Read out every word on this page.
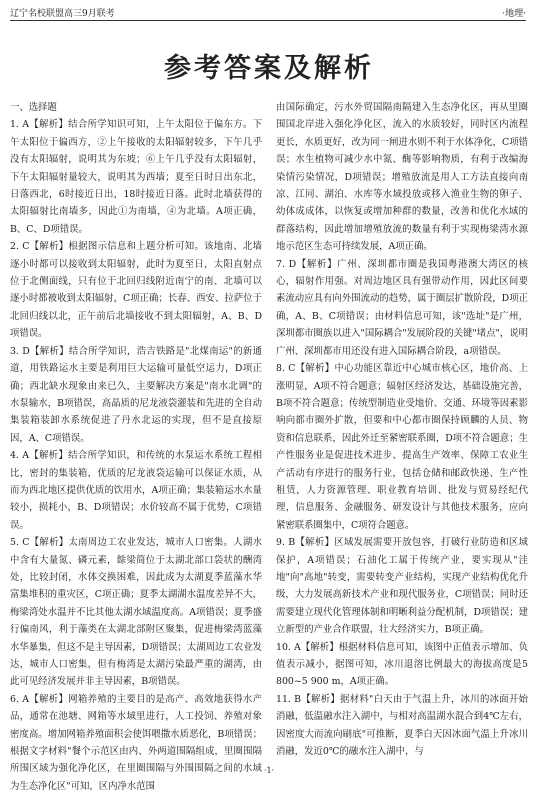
辽宁名校联盟高三9月联考	·地理·
参考答案及解析

一、选择题

1. A【解析】结合所学知识可知，上午太阳位于偏东方。下午太阳位于偏西方，②上午接收的太阳辐射较多，下午几乎没有太阳辐射，说明其为东坡；⑥上午几乎没有太阳辐射，下午太阳辐射量较大，说明其为西墙；夏至日时日出东北，日落西北，6时接近日出，18时接近日落。此时北墙获得的太阳辐射比南墙多，因此①为南墙，④为北墙。A项正确，B、C、D项错误。

2. C【解析】根据图示信息和上题分析可知。该地南、北墙逐小时都可以接收到太阳辐射，此时为夏至日，太阳直射点位于北侧面线，只有位于北回归线附近南宁的南、北墙可以逐小时都被收到太阳辐射，C项正确；长春、西安、拉萨位于北回归线以北，正午前后北墙接收不到太阳辐射，A、B、D项错误。

3. D【解析】结合所学知识，浩吉铁路是"北煤南运"的新通道，用铁路运水主要是利用巨大运输可量低空运力，D项正确；西北缺水现象由来已久，主要解决方案是"南水北调"的水泵输水，B项错误，高晶质的尼龙液袋灌装和先进的全自动集装箱装卸水系统促进了丹水北运的实现，但不是直接原因，A、C项错误。

4. A【解析】结合所学知识，和传统的水泵运水系统工程相比，密封的集装箱，优质的尼龙液袋运输可以保证水质，从而为西北地区提供优质的饮用水，A项正确；集装箱运水水量较小，损耗小，B、D项错误；水价较高不属于优势，C项错误。

5. C【解析】太南周边工农业发达，城市人口密集。人湖水中含有大量氮、磷元素，餘梁简位于太湖北部口袋状的酬湾处，比较封闭，水体交换困难，因此成为太湖夏季蓝藻水华富集堆积的重灾区，C项正确；夏季太湖湖水温度差异不大，梅梁湾处水温并不比其他太湖水域温度高。A项错误；夏季盛行偏南风，利于藻类在太湖北部附区聚集，促进梅梁湾蓝藻水华暴集，但这不是主导因素，D项错误；太湖周边工农业发达，城市人口密集，但有梅湾是太湖污染最严重的湖湾，由此可见经济发展并非主导因素，B项错误。

6. A【解析】网箱养殖的主要目的是高产、高效地获得水产品，通常在池塘、网箱等水域里进行，人工投饲、养殖对象密度高。增加网箱养殖面积会使饵喂撒水质恶化，B项错误；根据文字材料"餐个示范区由内、外两道围隔组成，里圈围隔所围区域为强化净化区，在里圈围隔与外围围隔之间的水域为生态净化区"可知，区内净水范围

由国际确定，污水外贸国隔南隔建入生态净化区，再从里圈围国北岸进入强化净化区，流入的水质较好，同时区内流程更长，水质更好，改为同一闸进水则不利于水体净化，C项错误；水生植物可减少水中氮、酶等影响物质，有利于改编海染情污染情况，D项错误；增殖放流是用人工方法直接向南凉、江同、湖泊、水库等水域投放或移入渔业生物的卵子、幼体成成体，以恢复或增加种群的数量，改善和优化水域的群落结构，因此增加增殖放流的数量有利于实现梅梁湾水源地示范区生态可持续发展，A项正确。

7. D【解析】广州、深圳都市圈是我国粤港澳大湾区的核心，辐射作用强。对周边地区具有强带动作用，因此区间要素流动应具有向外围流动的趋势，属于圈层扩散阶段，D项正确，A、B、C项错误；由材料信息可知，该"选址"是广州，深圳都市圈族以进入"国际耦合"发展阶段的关键"堵点"，说明广州、深圳都市用还没有进入国际耦合阶段，a项错误。

8. C【解析】中心功能区靠近中心城市核心区，地价高、上涨明显，A项不符合题意；辐射区经济发达，基础设施完善，B项不符合题意；传统型制造业受地价、交通、环境等因素影响向都市圈外扩散，但要和中心都市圈保持顾麟的人员、物资和信息联系，因此外迁至紧密联系圈，D项不符合题意；生产性服务业是促进技术进步、提高生产效率、保障工农业生产活动有序进行的服务行业，包括仓储和邮政快递、生产性租赁，人力资源管理、职业教育培训、批发与贸易经纪代理，信息服务、金融服务、研发设计与其他技术服务，应向紧密联系圈集中，C项符合题意。

9. B【解析】区域发展需要开放包容，打破行业防造和区域保护，A项错误；石油化工属于传统产业，要实现从"洼地"向"高地"转变，需要转变产业结构，实现产业结构优化升级，大力发展高新技术产业和现代服务业，C项错误；同时还需要建立现代化管理体制和明晰利益分配机制，D项错误；建立新型的产业合作联盟，壮大经济实力，B项正确。

10. A【解析】根据材料信息可知，该图中正值表示增加、负值表示减小，据图可知，冰川退溶比例最大的海拔高度是5 800~5 900 m，A项正确。

11. B【解析】据材料"白天由于气温上升，冰川的冰面开始消融，低温融水注入湖中，与相对高温湖水混合到4℃左右，因密度大而流向刷底"可推断，夏季白天因冰面气温上升冰川消融，发近0℃的融水注入湖中，与

·1·
